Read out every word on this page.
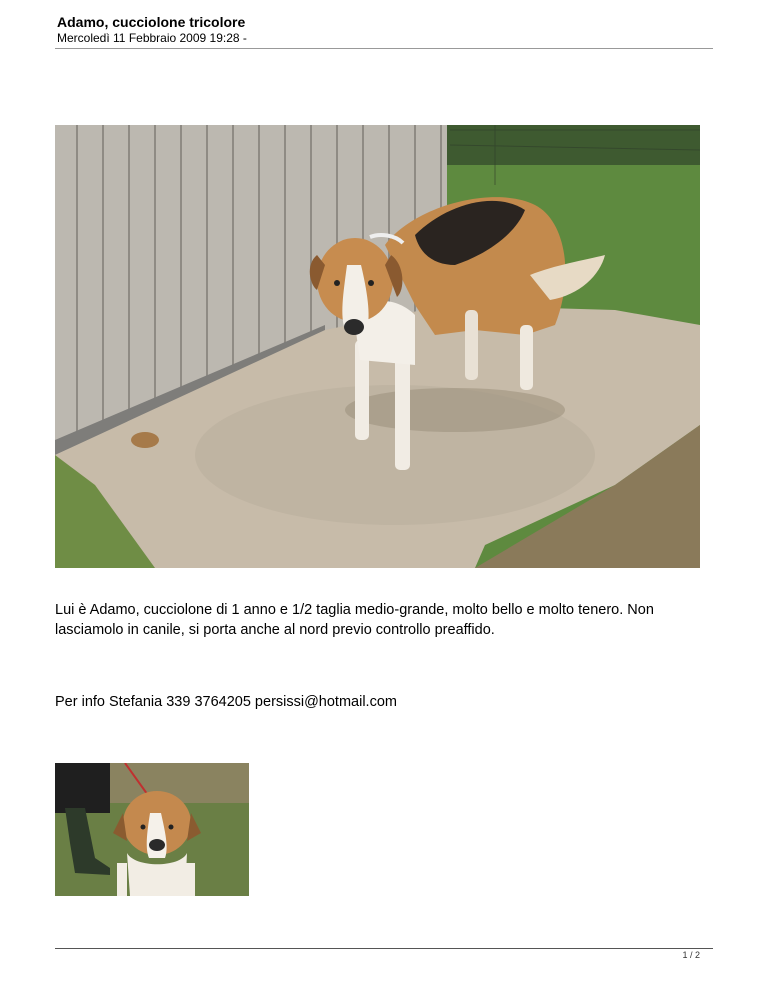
Adamo, cucciolone tricolore
Mercoledì 11 Febbraio 2009 19:28 -
Lui è Adamo, cucciolone di 1 anno e 1/2 taglia medio-grande, molto bello e molto tenero. Non lasciamolo in canile, si porta anche al nord previo controllo preaffido.
Per info Stefania 339 3764205 persissi@hotmail.com
1 / 2
